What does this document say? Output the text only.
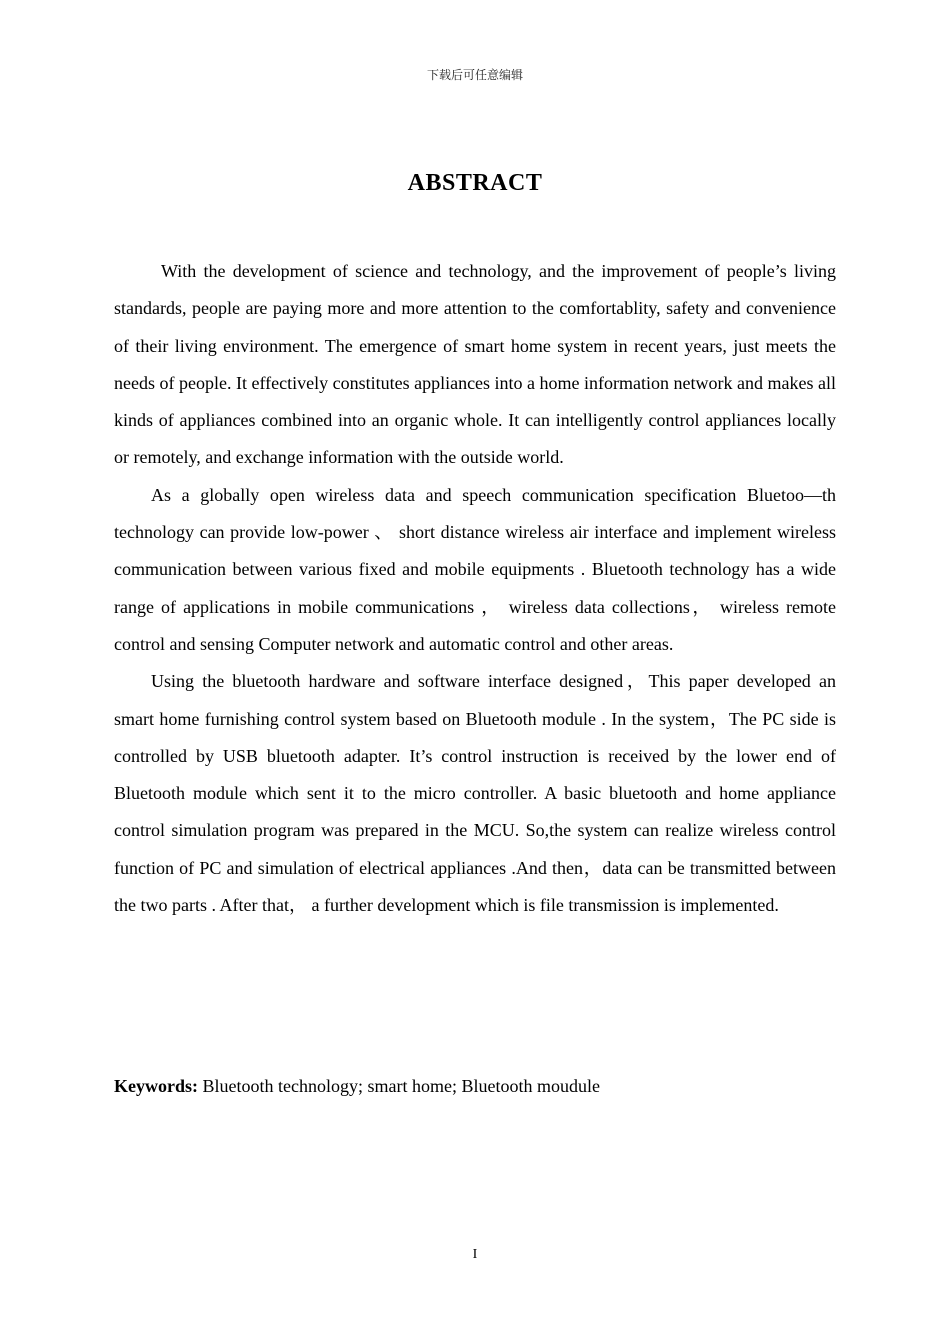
下载后可任意编辑
ABSTRACT

With the development of science and technology, and the improvement of people’s living standards, people are paying more and more attention to the comfortablity, safety and convenience of their living environment. The emergence of smart home system in recent years, just meets the needs of people. It effectively constitutes appliances into a home information network and makes all kinds of appliances combined into an organic whole. It can intelligently control appliances locally or remotely, and exchange information with the outside world.

As a globally open wireless data and speech communication specification Bluetoo—th technology can provide low-power 、 short distance wireless air interface and implement wireless communication between various fixed and mobile equipments . Bluetooth technology has a wide range of applications in mobile communications ， wireless data collections， wireless remote control and sensing Computer network and automatic control and other areas.

Using the bluetooth hardware and software interface designed，This paper developed an smart home furnishing control system based on Bluetooth module . In the system，The PC side is controlled by USB bluetooth adapter. It’s control instruction is received by the lower end of Bluetooth module which sent it to the micro controller. A basic bluetooth and home appliance control simulation program was prepared in the MCU. So,the system can realize wireless control function of PC and simulation of electrical appliances .And then，data can be transmitted between the two parts . After that， a further development which is file transmission is implemented.

Keywords: Bluetooth technology; smart home; Bluetooth moudule
I
